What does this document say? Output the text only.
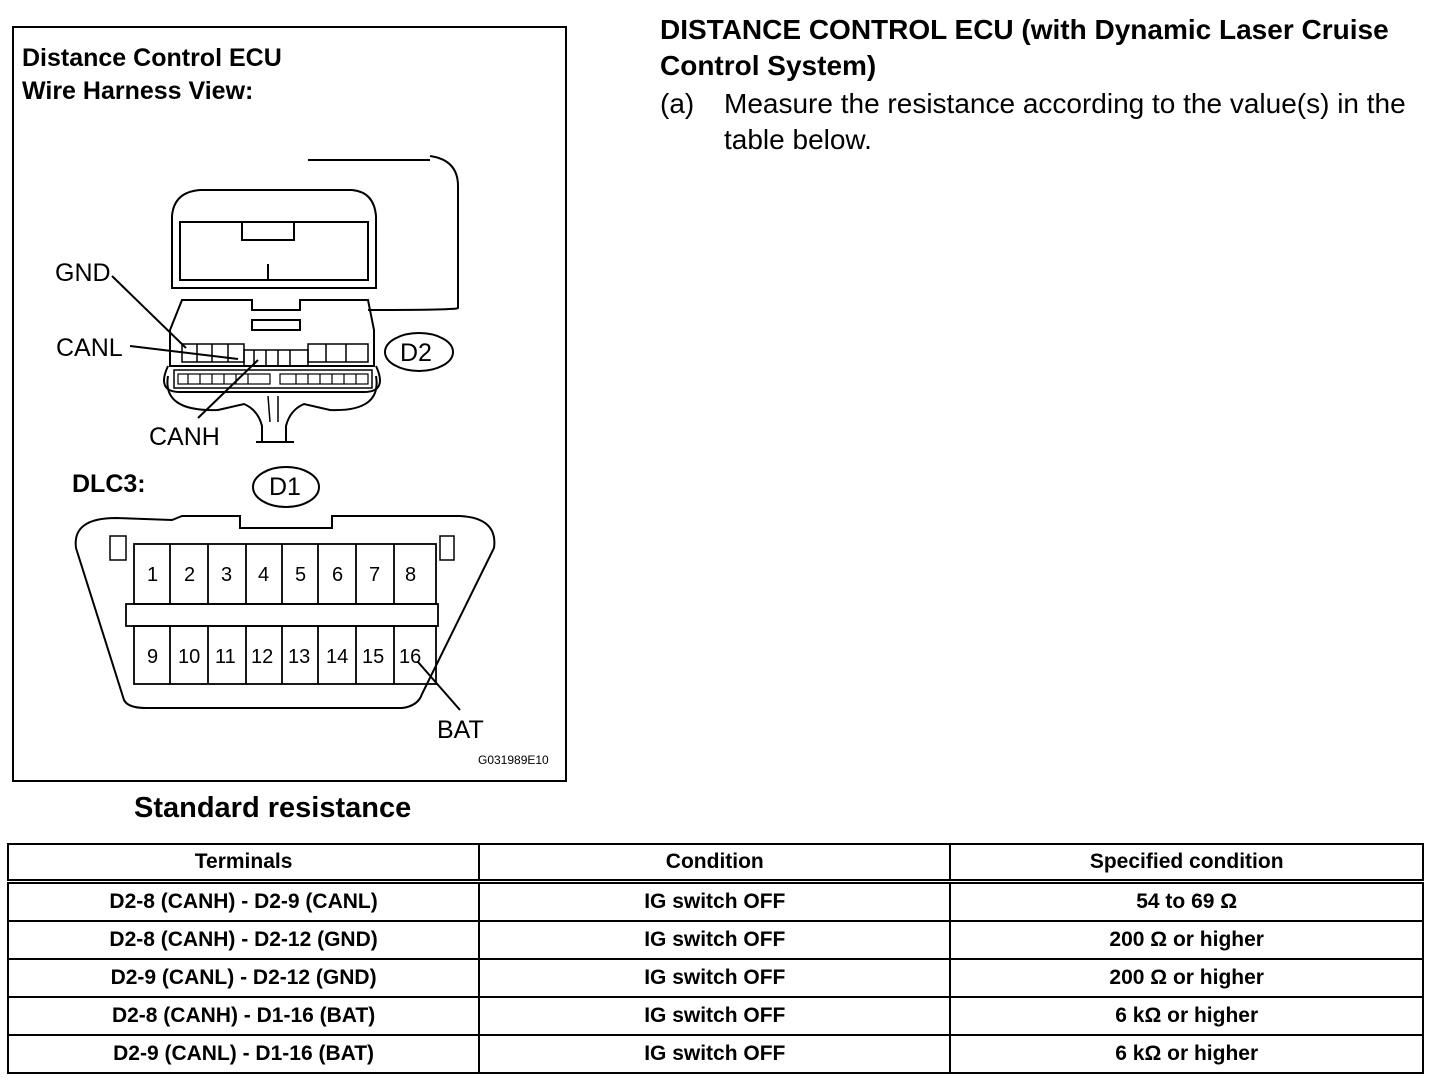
Distance Control ECU
Wire Harness View:
GND
CANL
CANH
D2
DLC3:	D1
BAT
G031989E10
1 2 3 4 5 6 7 8
9 10 11 12 13 14 15 16
DISTANCE CONTROL ECU (with Dynamic Laser Cruise Control System)
(a) Measure the resistance according to the value(s) in the table below.
Standard resistance
Terminals	Condition	Specified condition
D2-8 (CANH) - D2-9 (CANL)	IG switch OFF	54 to 69 Ω
D2-8 (CANH) - D2-12 (GND)	IG switch OFF	200 Ω or higher
D2-9 (CANL) - D2-12 (GND)	IG switch OFF	200 Ω or higher
D2-8 (CANH) - D1-16 (BAT)	IG switch OFF	6 kΩ or higher
D2-9 (CANL) - D1-16 (BAT)	IG switch OFF	6 kΩ or higher
